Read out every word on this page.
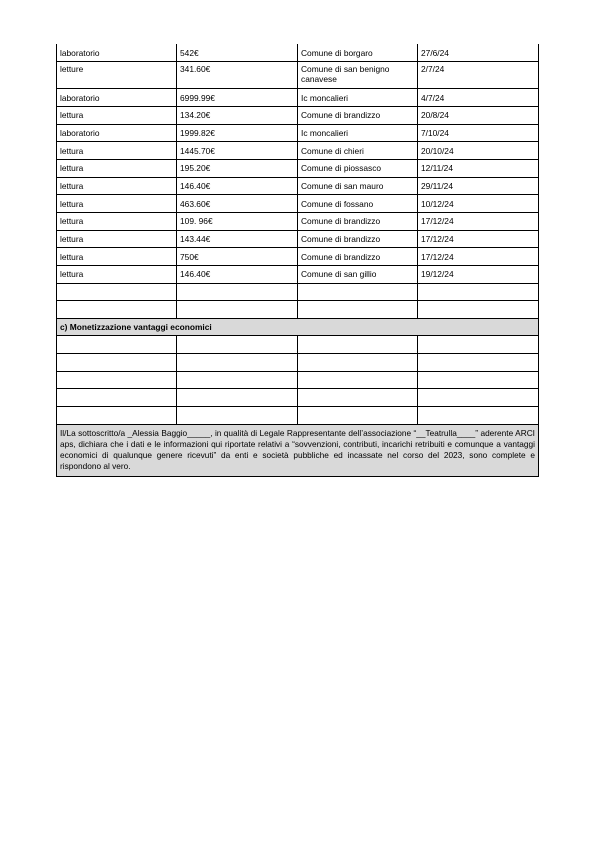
laboratorio	542€	Comune di borgaro	27/6/24
letture	341.60€	Comune di san benigno canavese	2/7/24
laboratorio	6999.99€	Ic moncalieri	4/7/24
lettura	134.20€	Comune di brandizzo	20/8/24
laboratorio	1999.82€	Ic moncalieri	7/10/24
lettura	1445.70€	Comune di chieri	20/10/24
lettura	195.20€	Comune di piossasco	12/11/24
lettura	146.40€	Comune di san mauro	29/11/24
lettura	463.60€	Comune di fossano	10/12/24
lettura	109. 96€	Comune di brandizzo	17/12/24
lettura	143.44€	Comune di brandizzo	17/12/24
lettura	750€	Comune di brandizzo	17/12/24
lettura	146.40€	Comune di san gillio	19/12/24

c) Monetizzazione vantaggi economici			

Il/La sottoscritto/a _Alessia Baggio_____, in qualità di Legale Rappresentante dell’associazione “__Teatrulla____” aderente ARCI aps, dichiara che i dati e le informazioni qui riportate relativi a “sovvenzioni, contributi, incarichi retribuiti e comunque a vantaggi economici di qualunque genere ricevuti” da enti e società pubbliche ed incassate nel corso del 2023, sono complete e rispondono al vero.			
